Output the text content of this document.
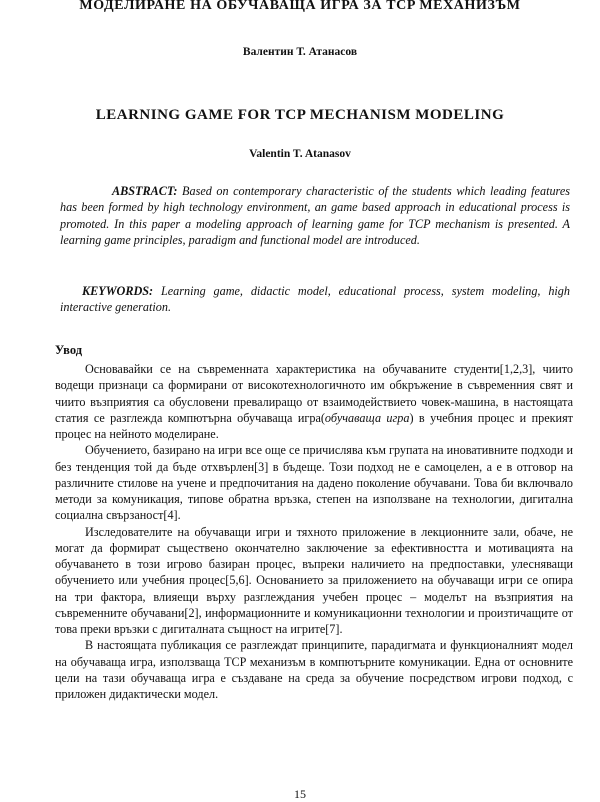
МОДЕЛИРАНЕ НА ОБУЧАВАЩА ИГРА ЗА TCP МЕХАНИЗЪМ
Валентин Т. Атанасов
LEARNING GAME FOR TCP MECHANISM MODELING
Valentin T. Atanasov

ABSTRACT: Based on contemporary characteristic of the students which leading features has been formed by high technology environment, an game based approach in educational process is promoted. In this paper a modeling approach of learning game for TCP mechanism is presented. A learning game principles, paradigm and functional model are introduced.

KEYWORDS: Learning game, didactic model, educational process, system modeling, high interactive generation.

Увод

Основавайки се на съвременната характеристика на обучаваните студенти[1,2,3], чиито водещи признаци са формирани от високотехнологичното им обкръжение в съвременния свят и чиито възприятия са обусловени превалиращо от взаимодействието човек-машина, в настоящата статия се разглежда компютърна обучаваща игра(обучаваща игра) в учебния процес и прекият процес на нейното моделиране.

Обучението, базирано на игри все още се причислява към групата на иновативните подходи и без тенденция той да бъде отхвърлен[3] в бъдеще. Този подход не е самоцелен, а е в отговор на различните стилове на учене и предпочитания на дадено поколение обучавани. Това би включвало методи за комуникация, типове обратна връзка, степен на използване на технологии, дигитална социална свързаност[4].

Изследователите на обучаващи игри и тяхното приложение в лекционните зали, обаче, не могат да формират съществено окончателно заключение за ефективността и мотивацията на обучаването в този игрово базиран процес, въпреки наличието на предпоставки, улесняващи обучението или учебния процес[5,6]. Основанието за приложението на обучаващи игри се опира на три фактора, влияещи върху разглеждания учебен процес – моделът на възприятия на съвременните обучавани[2], информационните и комуникационни технологии и произтичащите от това преки връзки с дигиталната същност на игрите[7].

В настоящата публикация се разглеждат принципите, парадигмата и функционалният модел на обучаваща игра, използваща TCP механизъм в компютърните комуникации. Една от основните цели на тази обучаваща игра е създаване на среда за обучение посредством игрови подход, с приложен дидактически модел.

15
